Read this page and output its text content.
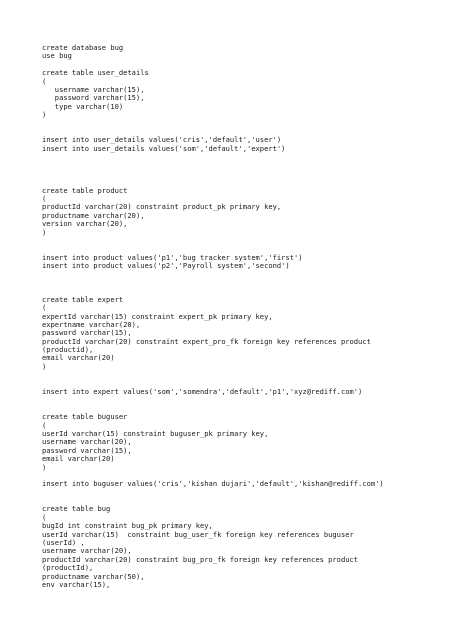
create database bug
use bug
create table user_details
(
username varchar(15),
password varchar(15),
type varchar(10)
)
insert into user_details values('cris','default','user')
insert into user_details values('som','default','expert')
create table product
(
productId varchar(20) constraint product_pk primary key,
productname varchar(20),
version varchar(20),
)
insert into product values('p1','bug tracker system','first')
insert into product values('p2','Payroll system','second')
create table expert
(
expertId varchar(15) constraint expert_pk primary key,
expertname varchar(20),
password varchar(15),
productId varchar(20) constraint expert_pro_fk foreign key references product
(productid),
email varchar(20)
)
insert into expert values('som','somendra','default','p1','xyz@rediff.com')
create table buguser
(
userId varchar(15) constraint buguser_pk primary key,
username varchar(20),
password varchar(15),
email varchar(20)
)
insert into buguser values('cris','kishan dujari','default','kishan@rediff.com')
create table bug
(
bugId int constraint bug_pk primary key,
userId varchar(15)  constraint bug_user_fk foreign key references buguser
(userId) ,
username varchar(20),
productId varchar(20) constraint bug_pro_fk foreign key references product
(productId),
productname varchar(50),
env varchar(15),
